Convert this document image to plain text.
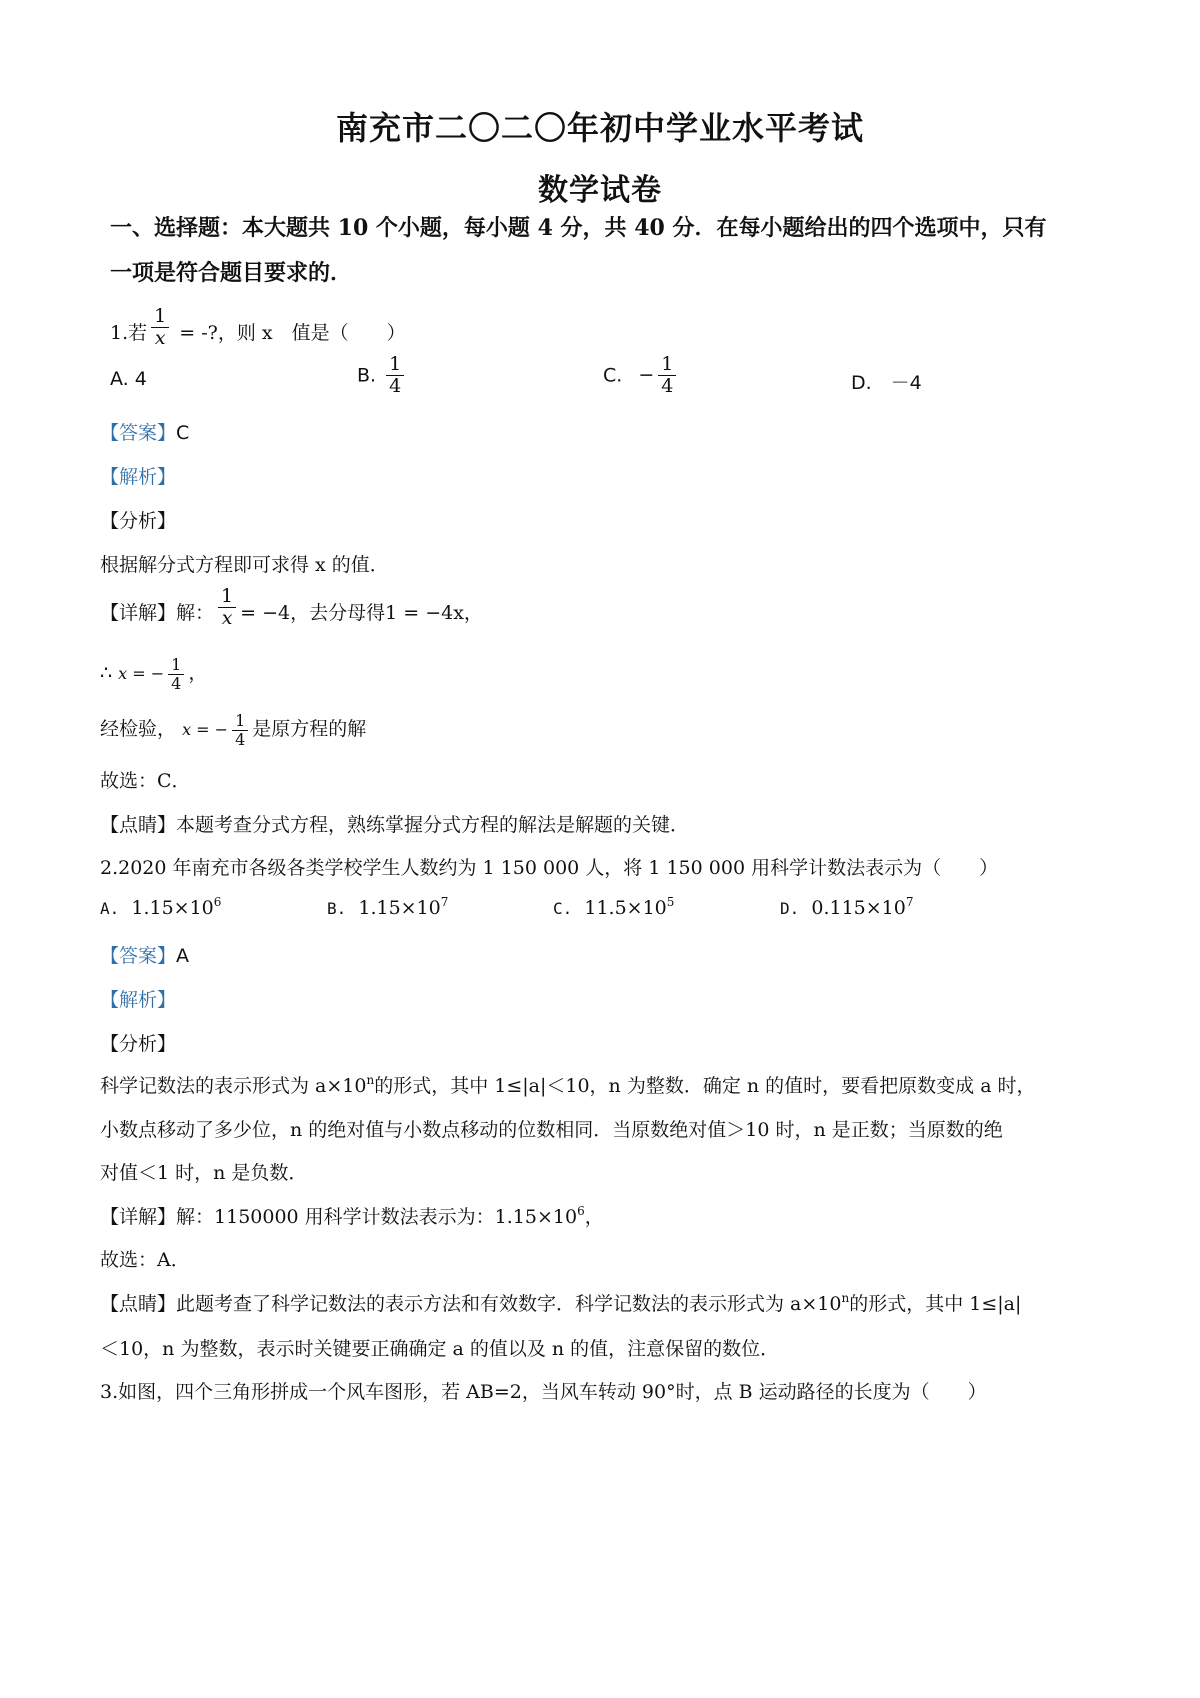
南充市二〇二〇年初中学业水平考试
数学试卷
一、选择题：本大题共 10 个小题，每小题 4 分，共 40 分．在每小题给出的四个选项中，只有
一项是符合题目要求的．
1.若 $\frac{1}{x}$ = -?，则 x　值是（　　）
A. 4	B. $\frac{1}{4}$	C. − $\frac{1}{4}$	D.　－4
【答案】C
【解析】
【分析】
根据解分式方程即可求得 x 的值．
【详解】解： $\frac{1}{x} = -4$，去分母得1 = −4x，
∴ x = − $\frac{1}{4}$ ，
经检验， x = − $\frac{1}{4}$ 是原方程的解
故选：C．
【点睛】本题考查分式方程，熟练掌握分式方程的解法是解题的关键．
2.2020 年南充市各级各类学校学生人数约为 1 150 000 人，将 1 150 000 用科学计数法表示为（　　）
A. $1.15\times 10^6$	B. $1.15\times 10^7$	C. $11.5\times 10^5$	D. $0.115\times 10^7$
【答案】A
【解析】
【分析】
科学记数法的表示形式为 $a\times 10^n$的形式，其中 1≤|a|＜10，n 为整数．确定 n 的值时，要看把原数变成 a 时，
小数点移动了多少位，n 的绝对值与小数点移动的位数相同．当原数绝对值＞10 时，n 是正数；当原数的绝
对值＜1 时，n 是负数．
【详解】解：1150000 用科学计数法表示为：$1.15\times 10^6$，
故选：A．
【点睛】此题考查了科学记数法的表示方法和有效数字．科学记数法的表示形式为 $a\times 10^n$的形式，其中 1≤|a|
＜10，n 为整数，表示时关键要正确确定 a 的值以及 n 的值，注意保留的数位．
3.如图，四个三角形拼成一个风车图形，若 AB=2，当风车转动 90°时，点 B 运动路径的长度为（　　）
